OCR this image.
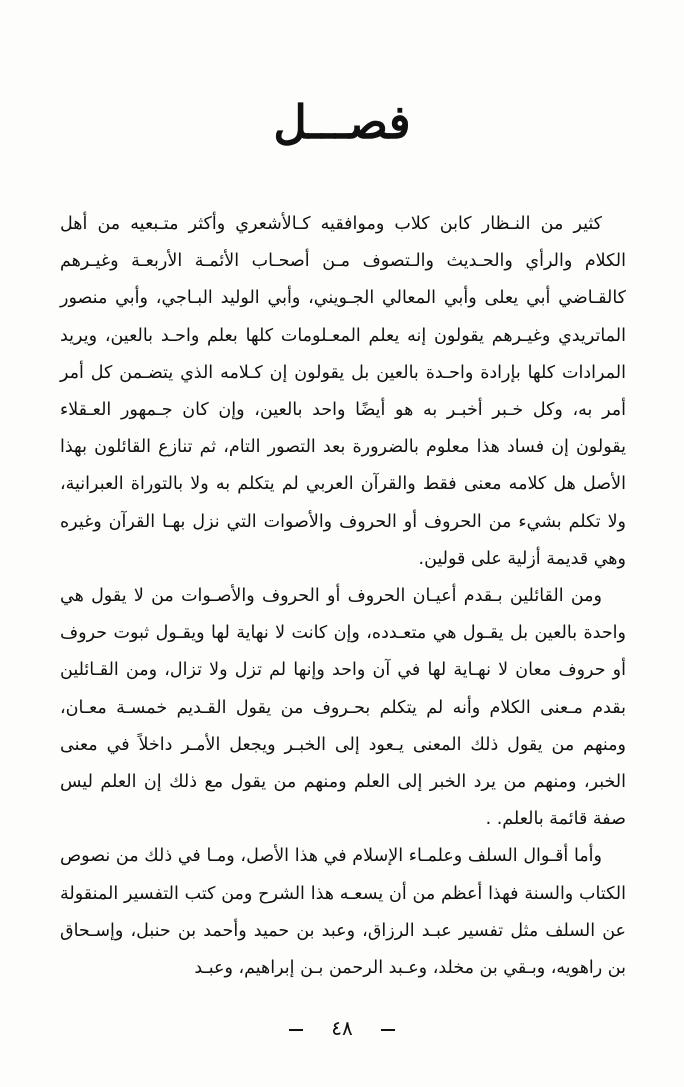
فصـــل

كثير من النـظار كابن كلاب وموافقيه كـالأشعري وأكثر متـبعيه من أهل الكلام والرأي والحـديث والـتصوف مـن أصحـاب الأئمـة الأربعـة وغيـرهم كالقـاضي أبي يعلى وأبي المعالي الجـويني، وأبي الوليد البـاجي، وأبي منصور الماتريدي وغيـرهم يقولون إنه يعلم المعـلومات كلها بعلم واحـد بالعين، ويريد المرادات كلها بإرادة واحـدة بالعين بل يقولون إن كـلامه الذي يتضـمن كل أمر أمر به، وكل خـبر أخبـر به هو أيضًا واحد بالعين، وإن كان جـمهور العـقلاء يقولون إن فساد هذا معلوم بالضرورة بعد التصور التام، ثم تنازع القائلون بهذا الأصل هل كلامه معنى فقط والقرآن العربي لم يتكلم به ولا بالتوراة العبرانية، ولا تكلم بشيء من الحروف أو الحروف والأصوات التي نزل بهـا القرآن وغيره وهي قديمة أزلية على قولين.

ومن القائلين بـقدم أعيـان الحروف أو الحروف والأصـوات من لا يقول هي واحدة بالعين بل يقـول هي متعـدده، وإن كانت لا نهاية لها ويقـول ثبوت حروف أو حروف معان لا نهـاية لها في آن واحد وإنها لم تزل ولا تزال، ومن القـائلين بقدم مـعنى الكلام وأنه لم يتكلم بحـروف من يقول القـديم خمسـة معـان، ومنهم من يقول ذلك المعنى يـعود إلى الخبـر ويجعل الأمـر داخلاً في معنى الخبر، ومنهم من يرد الخبر إلى العلم ومنهم من يقول مع ذلك إن العلم ليس صفة قائمة بالعلم. .

وأما أقـوال السلف وعلمـاء الإسلام في هذا الأصل، ومـا في ذلك من نصوص الكتاب والسنة فهذا أعظم من أن يسعـه هذا الشرح ومن كتب التفسير المنقولة عن السلف مثل تفسير عبـد الرزاق، وعبد بن حميد وأحمد بن حنبل، وإسـحاق بن راهويه، وبـقي بن مخلد، وعـبد الرحمن بـن إبراهيم، وعبـد

٤٨
